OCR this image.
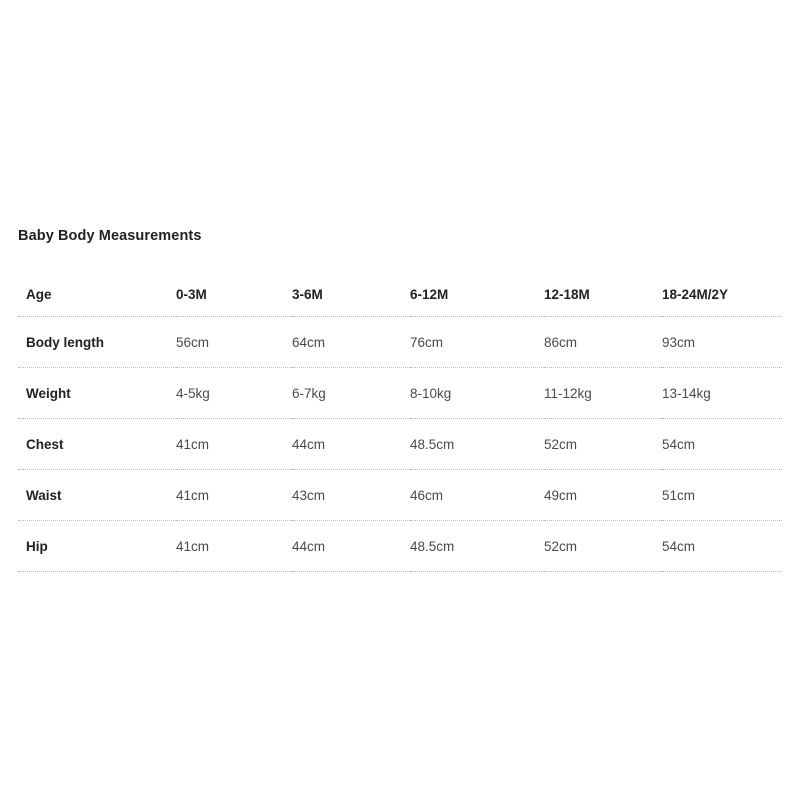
Baby Body Measurements
Age	0-3M	3-6M	6-12M	12-18M	18-24M/2Y
Body length	56cm	64cm	76cm	86cm	93cm
Weight	4-5kg	6-7kg	8-10kg	11-12kg	13-14kg
Chest	41cm	44cm	48.5cm	52cm	54cm
Waist	41cm	43cm	46cm	49cm	51cm
Hip	41cm	44cm	48.5cm	52cm	54cm
